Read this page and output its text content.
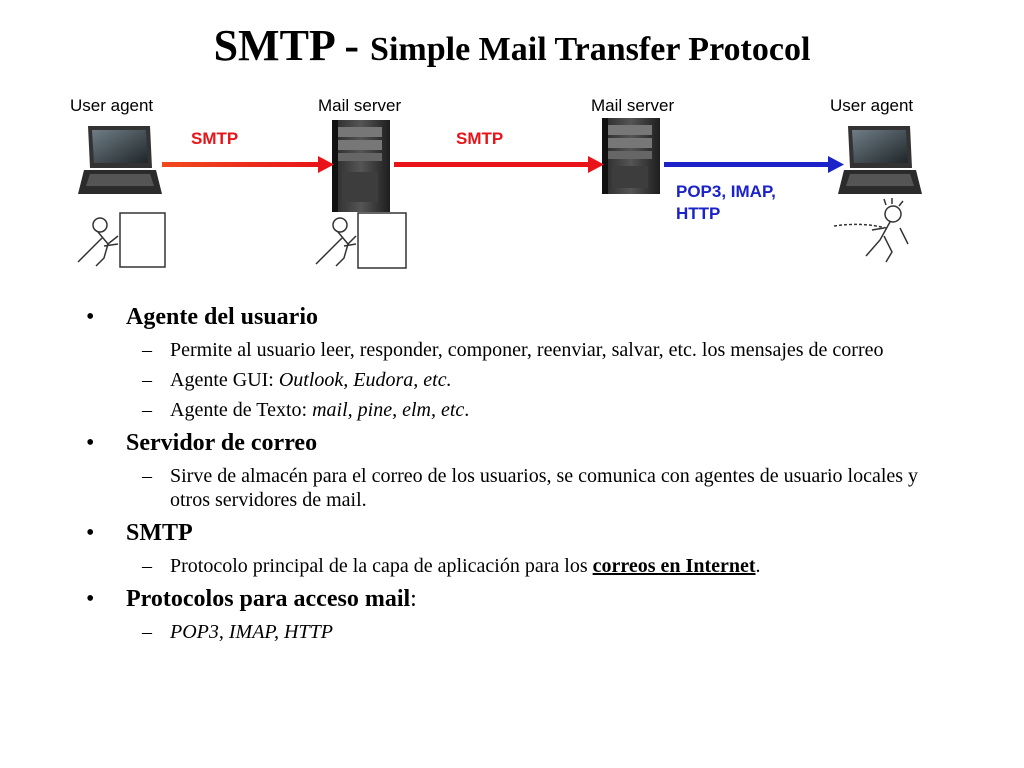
SMTP - Simple Mail Transfer Protocol
User agent	Mail server	Mail server	User agent
SMTP	SMTP
POP3, IMAP,
HTTP
• Agente del usuario
– Permite al usuario leer, responder, componer, reenviar, salvar, etc. los mensajes de correo
– Agente GUI: Outlook, Eudora, etc.
– Agente de Texto: mail, pine, elm, etc.
• Servidor de correo
– Sirve de almacén para el correo de los usuarios, se comunica con agentes de usuario locales y otros servidores de mail.
• SMTP
– Protocolo principal de la capa de aplicación para los correos en Internet.
• Protocolos para acceso mail:
– POP3, IMAP, HTTP
